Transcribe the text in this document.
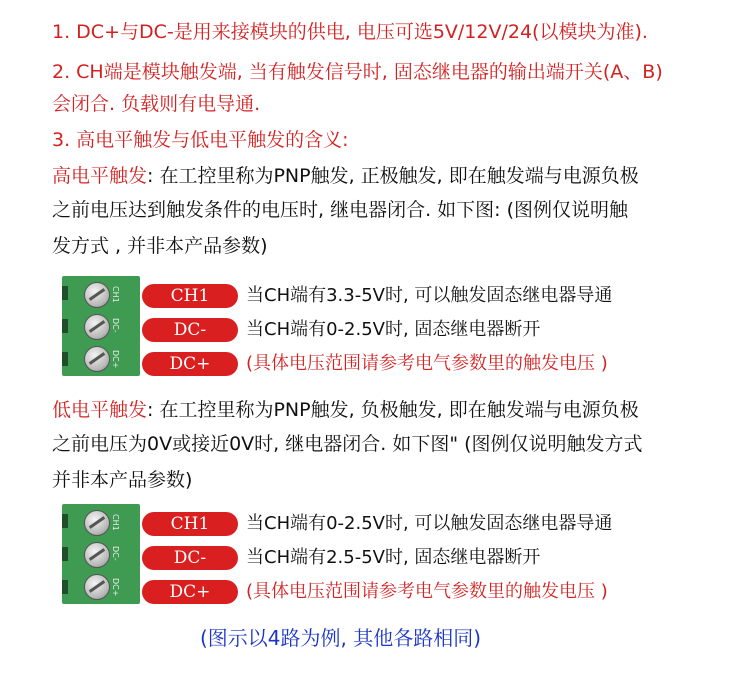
1. DC+与DC-是用来接模块的供电, 电压可选5V/12V/24(以模块为准).
2. CH端是模块触发端, 当有触发信号时, 固态继电器的输出端开关(A、B)
会闭合. 负载则有电导通.
3. 高电平触发与低电平触发的含义:
高电平触发: 在工控里称为PNP触发, 正极触发, 即在触发端与电源负极
之前电压达到触发条件的电压时, 继电器闭合. 如下图: (图例仅说明触
发方式 , 并非本产品参数)
CH1
DC-
DC+
CH1	当CH端有3.3-5V时, 可以触发固态继电器导通
DC-	当CH端有0-2.5V时, 固态继电器断开
DC+	(具体电压范围请参考电气参数里的触发电压 )
低电平触发: 在工控里称为PNP触发, 负极触发, 即在触发端与电源负极
之前电压为0V或接近0V时, 继电器闭合. 如下图" (图例仅说明触发方式
并非本产品参数)
CH1
DC-
DC+
CH1	当CH端有0-2.5V时, 可以触发固态继电器导通
DC-	当CH端有2.5-5V时, 固态继电器断开
DC+	(具体电压范围请参考电气参数里的触发电压 )
(图示以4路为例, 其他各路相同)
